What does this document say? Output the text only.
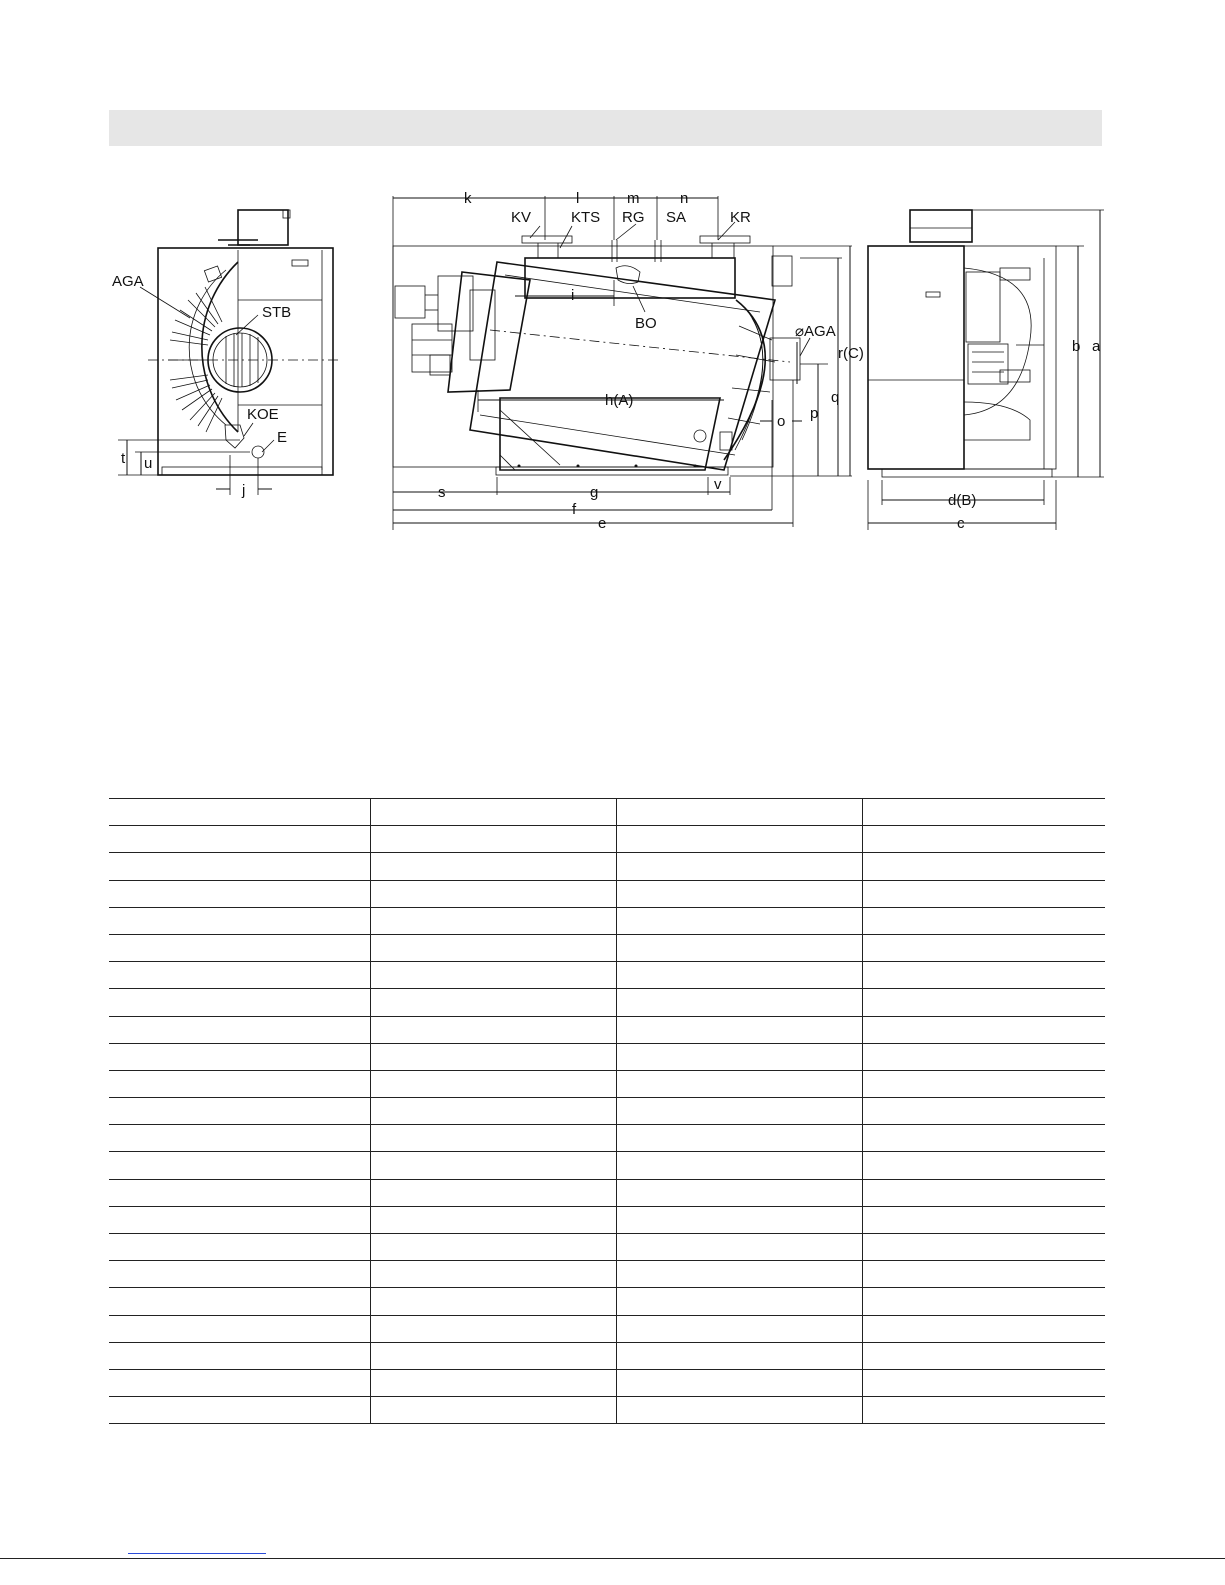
AGA
STB
KOE
E
t u
j
k	l	m	n
KV	KTS RG SA	KR
i
BO	⌀AGA
r(C)
q
p
h(A)
o
s	g	v
f
e
b a
d(B)
c
